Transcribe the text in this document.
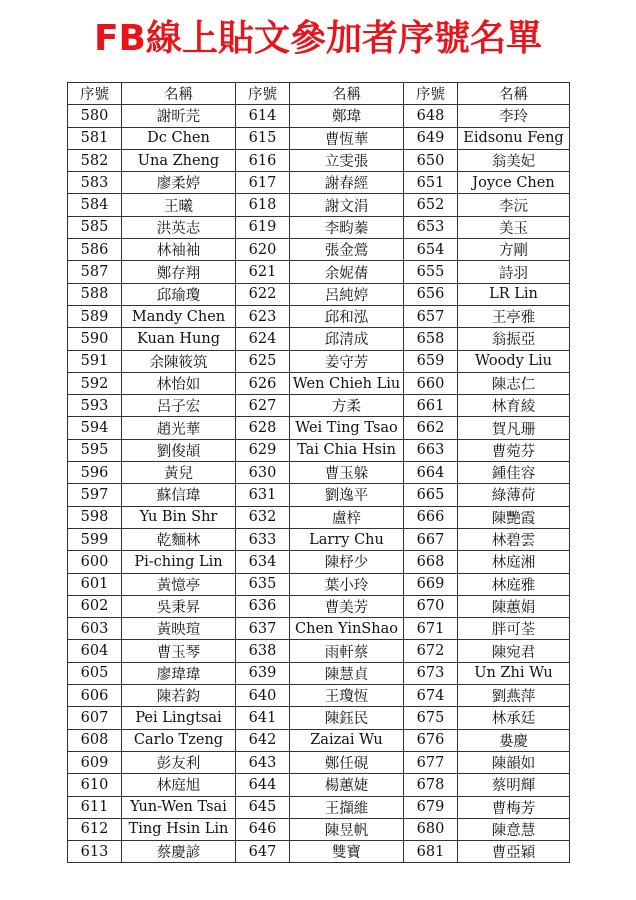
FB線上貼文參加者序號名單
序號	名稱	序號	名稱	序號	名稱
580	謝昕芫	614	鄭瑋	648	李玲
581	Dc Chen	615	曹恆華	649	Eidsonu Feng
582	Una Zheng	616	立雯張	650	翁美妃
583	廖柔婷	617	謝春經	651	Joyce Chen
584	王曦	618	謝文涓	652	李沅
585	洪英志	619	李畇蓁	653	美玉
586	林袖袖	620	張金鶯	654	方剛
587	鄭存翔	621	余妮蒨	655	詩羽
588	邱瑜瓊	622	呂純婷	656	LR Lin
589	Mandy Chen	623	邱和泓	657	王亭雅
590	Kuan Hung	624	邱清成	658	翁振亞
591	余陳筱筑	625	姜守芳	659	Woody Liu
592	林怡如	626	Wen Chieh Liu	660	陳志仁
593	呂子宏	627	方柔	661	林育綾
594	趙光華	628	Wei Ting Tsao	662	賀凡珊
595	劉俊頡	629	Tai Chia Hsin	663	曹菀芬
596	黃兒	630	曹玉躲	664	鍾佳容
597	蘇信瑋	631	劉逸平	665	綠薄荷
598	Yu Bin Shr	632	盧梓	666	陳艷霞
599	乾麵林	633	Larry Chu	667	林碧雲
600	Pi-ching Lin	634	陳杼少	668	林庭湘
601	黃憶亭	635	葉小玲	669	林庭雅
602	吳秉昇	636	曹美芳	670	陳蕙娟
603	黃映瑄	637	Chen YinShao	671	胖可荃
604	曹玉琴	638	雨軒蔡	672	陳宛君
605	廖瑋瑋	639	陳慧貞	673	Un Zhi Wu
606	陳若鈞	640	王瓊恆	674	劉燕萍
607	Pei Lingtsai	641	陳鈺民	675	林承廷
608	Carlo Tzeng	642	Zaizai Wu	676	婁慶
609	彭友利	643	鄭任硯	677	陳韻如
610	林庭旭	644	楊蕙婕	678	蔡明輝
611	Yun-Wen Tsai	645	王擷維	679	曹梅芳
612	Ting Hsin Lin	646	陳昱帆	680	陳意慧
613	蔡慶諺	647	雙寶	681	曹亞穎
